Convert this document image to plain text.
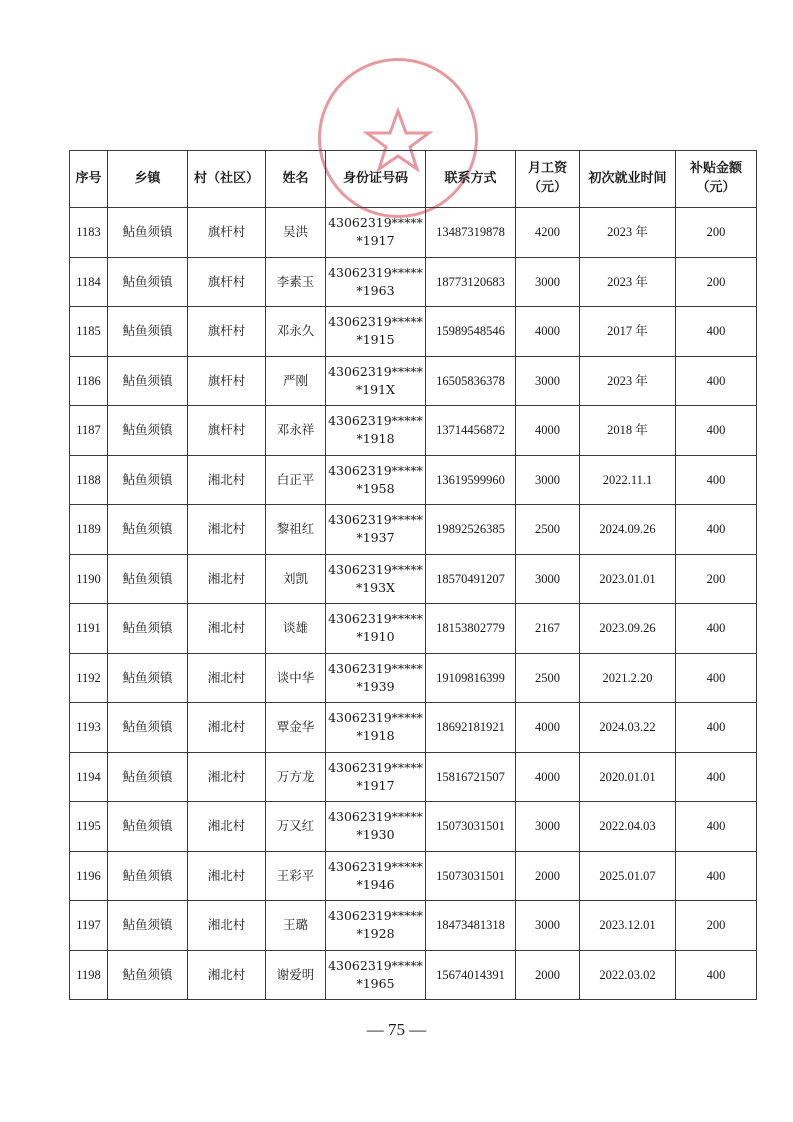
序号	乡镇	村（社区）	姓名	身份证号码	联系方式	月工资（元）	初次就业时间	补贴金额（元）
1183	鲇鱼须镇	旗杆村	吴洪	43062319******1917	13487319878	4200	2023 年	200
1184	鲇鱼须镇	旗杆村	李素玉	43062319******1963	18773120683	3000	2023 年	200
1185	鲇鱼须镇	旗杆村	邓永久	43062319******1915	15989548546	4000	2017 年	400
1186	鲇鱼须镇	旗杆村	严刚	43062319******191X	16505836378	3000	2023 年	400
1187	鲇鱼须镇	旗杆村	邓永祥	43062319******1918	13714456872	4000	2018 年	400
1188	鲇鱼须镇	湘北村	白正平	43062319******1958	13619599960	3000	2022.11.1	400
1189	鲇鱼须镇	湘北村	黎祖红	43062319******1937	19892526385	2500	2024.09.26	400
1190	鲇鱼须镇	湘北村	刘凯	43062319******193X	18570491207	3000	2023.01.01	200
1191	鲇鱼须镇	湘北村	谈雄	43062319******1910	18153802779	2167	2023.09.26	400
1192	鲇鱼须镇	湘北村	谈中华	43062319******1939	19109816399	2500	2021.2.20	400
1193	鲇鱼须镇	湘北村	覃金华	43062319******1918	18692181921	4000	2024.03.22	400
1194	鲇鱼须镇	湘北村	万方龙	43062319******1917	15816721507	4000	2020.01.01	400
1195	鲇鱼须镇	湘北村	万又红	43062319******1930	15073031501	3000	2022.04.03	400
1196	鲇鱼须镇	湘北村	王彩平	43062319******1946	15073031501	2000	2025.01.07	400
1197	鲇鱼须镇	湘北村	王璐	43062319******1928	18473481318	3000	2023.12.01	200
1198	鲇鱼须镇	湘北村	谢爱明	43062319******1965	15674014391	2000	2022.03.02	400
— 75 —
